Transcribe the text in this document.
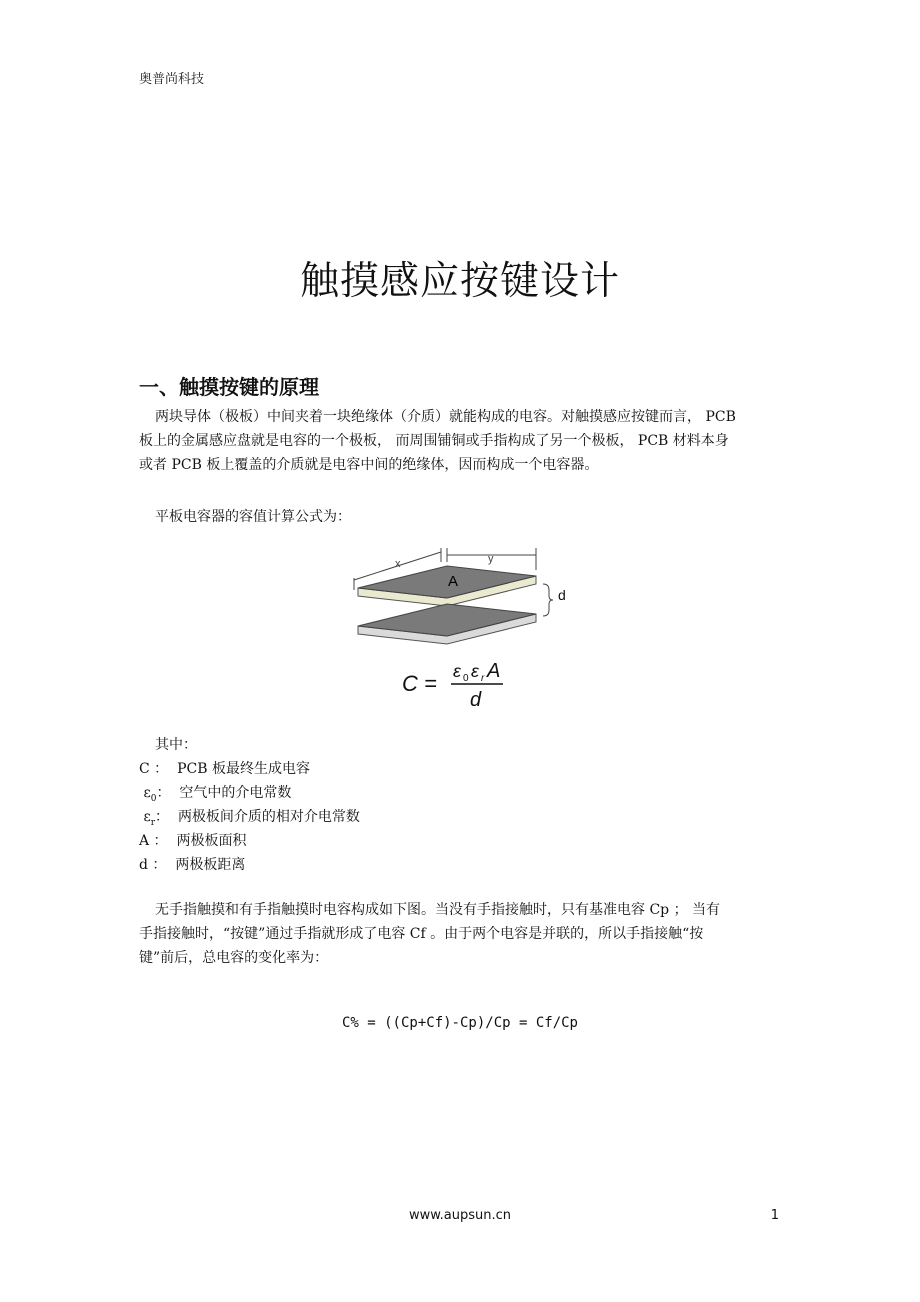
奥普尚科技
触摸感应按键设计
一、触摸按键的原理
两块导体（极板）中间夹着一块绝缘体（介质）就能构成的电容。对触摸感应按键而言， PCB
板上的金属感应盘就是电容的一个极板， 而周围铺铜或手指构成了另一个极板， PCB 材料本身
或者 PCB 板上覆盖的介质就是电容中间的绝缘体，因而构成一个电容器。
平板电容器的容值计算公式为：
x	y
A
d
C = ε 0 ε r A
d
其中：
C ： PCB 板最终生成电容
$\varepsilon_0$： 空气中的介电常数
$\varepsilon_r$： 两极板间介质的相对介电常数
A ： 两极板面积
d ： 两极板距离
无手指触摸和有手指触摸时电容构成如下图。当没有手指接触时，只有基准电容 Cp ； 当有
手指接触时，“按键”通过手指就形成了电容 Cf 。由于两个电容是并联的，所以手指接触“按
键”前后，总电容的变化率为：
C% = ((Cp+Cf)-Cp)/Cp = Cf/Cp
www.aupsun.cn	1
